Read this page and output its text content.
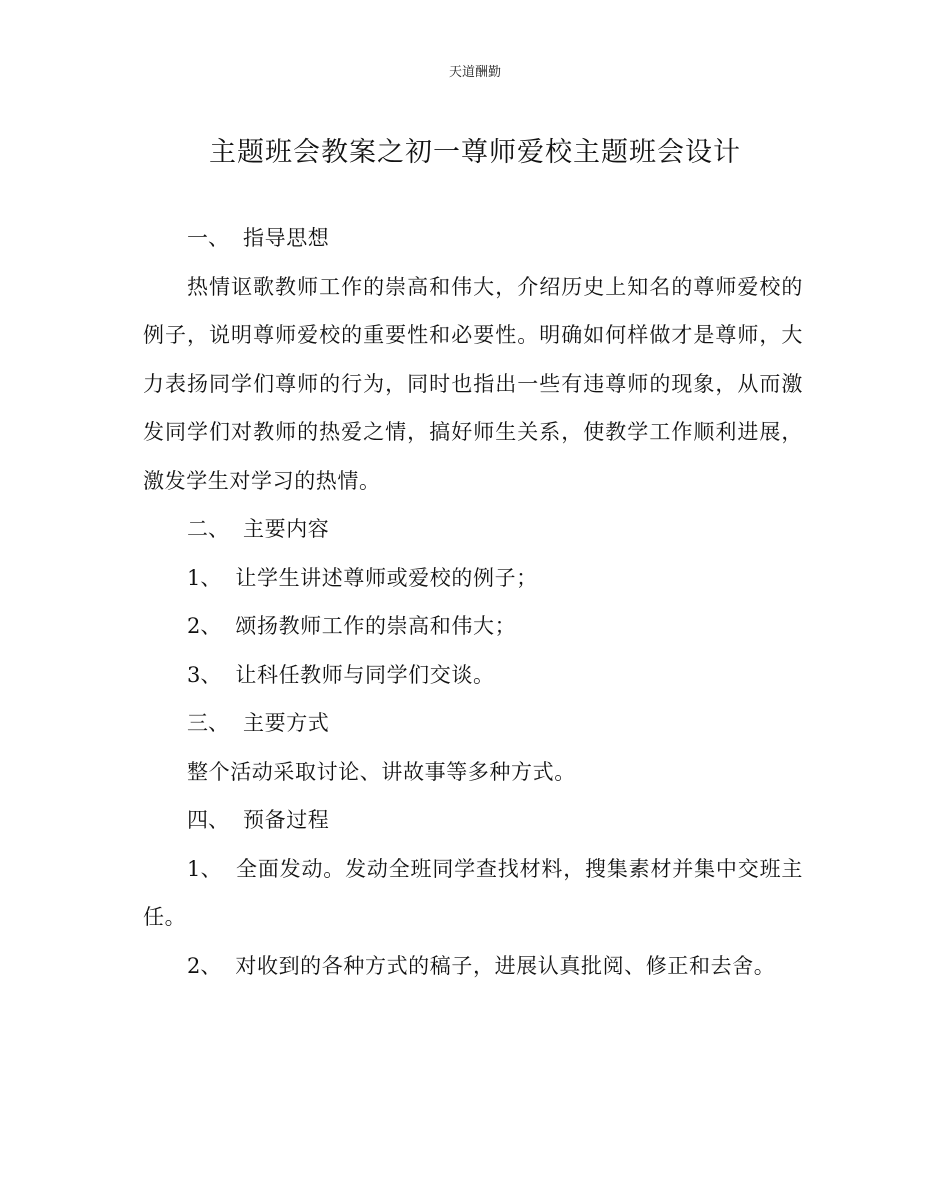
天道酬勤
主题班会教案之初一尊师爱校主题班会设计

一、 指导思想

热情讴歌教师工作的崇高和伟大，介绍历史上知名的尊师爱校的例子，说明尊师爱校的重要性和必要性。明确如何样做才是尊师，大力表扬同学们尊师的行为，同时也指出一些有违尊师的现象，从而激发同学们对教师的热爱之情，搞好师生关系，使教学工作顺利进展，激发学生对学习的热情。

二、 主要内容

1、 让学生讲述尊师或爱校的例子；

2、 颂扬教师工作的崇高和伟大；

3、 让科任教师与同学们交谈。

三、 主要方式

整个活动采取讨论、讲故事等多种方式。

四、 预备过程

1、 全面发动。发动全班同学查找材料，搜集素材并集中交班主任。

2、 对收到的各种方式的稿子，进展认真批阅、修正和去舍。
